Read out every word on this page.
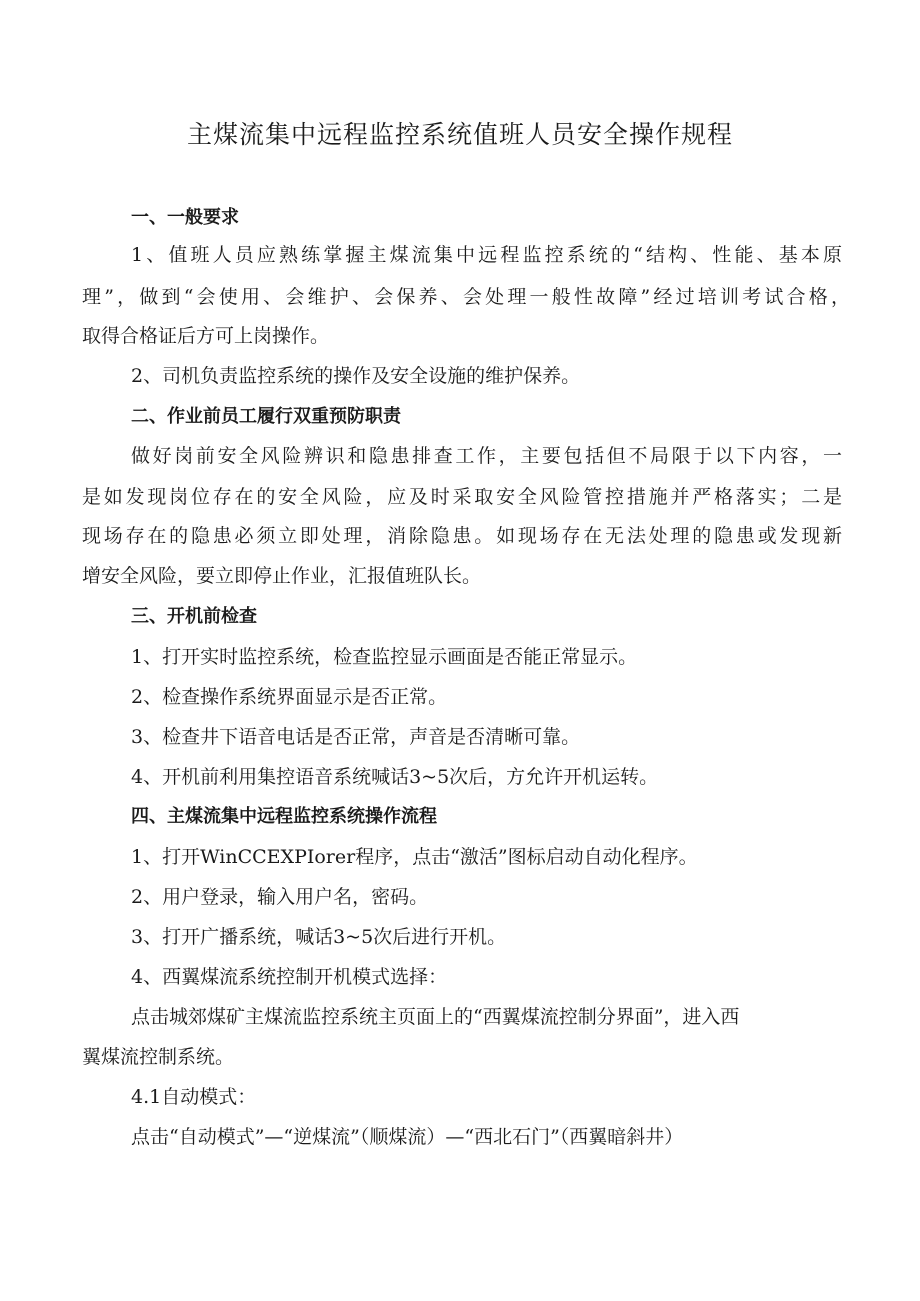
主煤流集中远程监控系统值班人员安全操作规程
一、一般要求
1、值班人员应熟练掌握主煤流集中远程监控系统的“结构、性能、基本原
理”，做到“会使用、会维护、会保养、会处理一般性故障”经过培训考试合格，
取得合格证后方可上岗操作。
2、司机负责监控系统的操作及安全设施的维护保养。
二、作业前员工履行双重预防职责
做好岗前安全风险辨识和隐患排查工作，主要包括但不局限于以下内容，一
是如发现岗位存在的安全风险，应及时采取安全风险管控措施并严格落实；二是
现场存在的隐患必须立即处理，消除隐患。如现场存在无法处理的隐患或发现新
增安全风险，要立即停止作业，汇报值班队长。
三、开机前检查
1、打开实时监控系统，检查监控显示画面是否能正常显示。
2、检查操作系统界面显示是否正常。
3、检查井下语音电话是否正常，声音是否清晰可靠。
4、开机前利用集控语音系统喊话3~5次后，方允许开机运转。
四、主煤流集中远程监控系统操作流程
1、打开WinCCEXPIorer程序，点击“激活”图标启动自动化程序。
2、用户登录，输入用户名，密码。
3、打开广播系统，喊话3~5次后进行开机。
4、西翼煤流系统控制开机模式选择：
点击城郊煤矿主煤流监控系统主页面上的“西翼煤流控制分界面”，进入西
翼煤流控制系统。
4.1自动模式：
点击“自动模式”—“逆煤流”（顺煤流）—“西北石门”（西翼暗斜井）
